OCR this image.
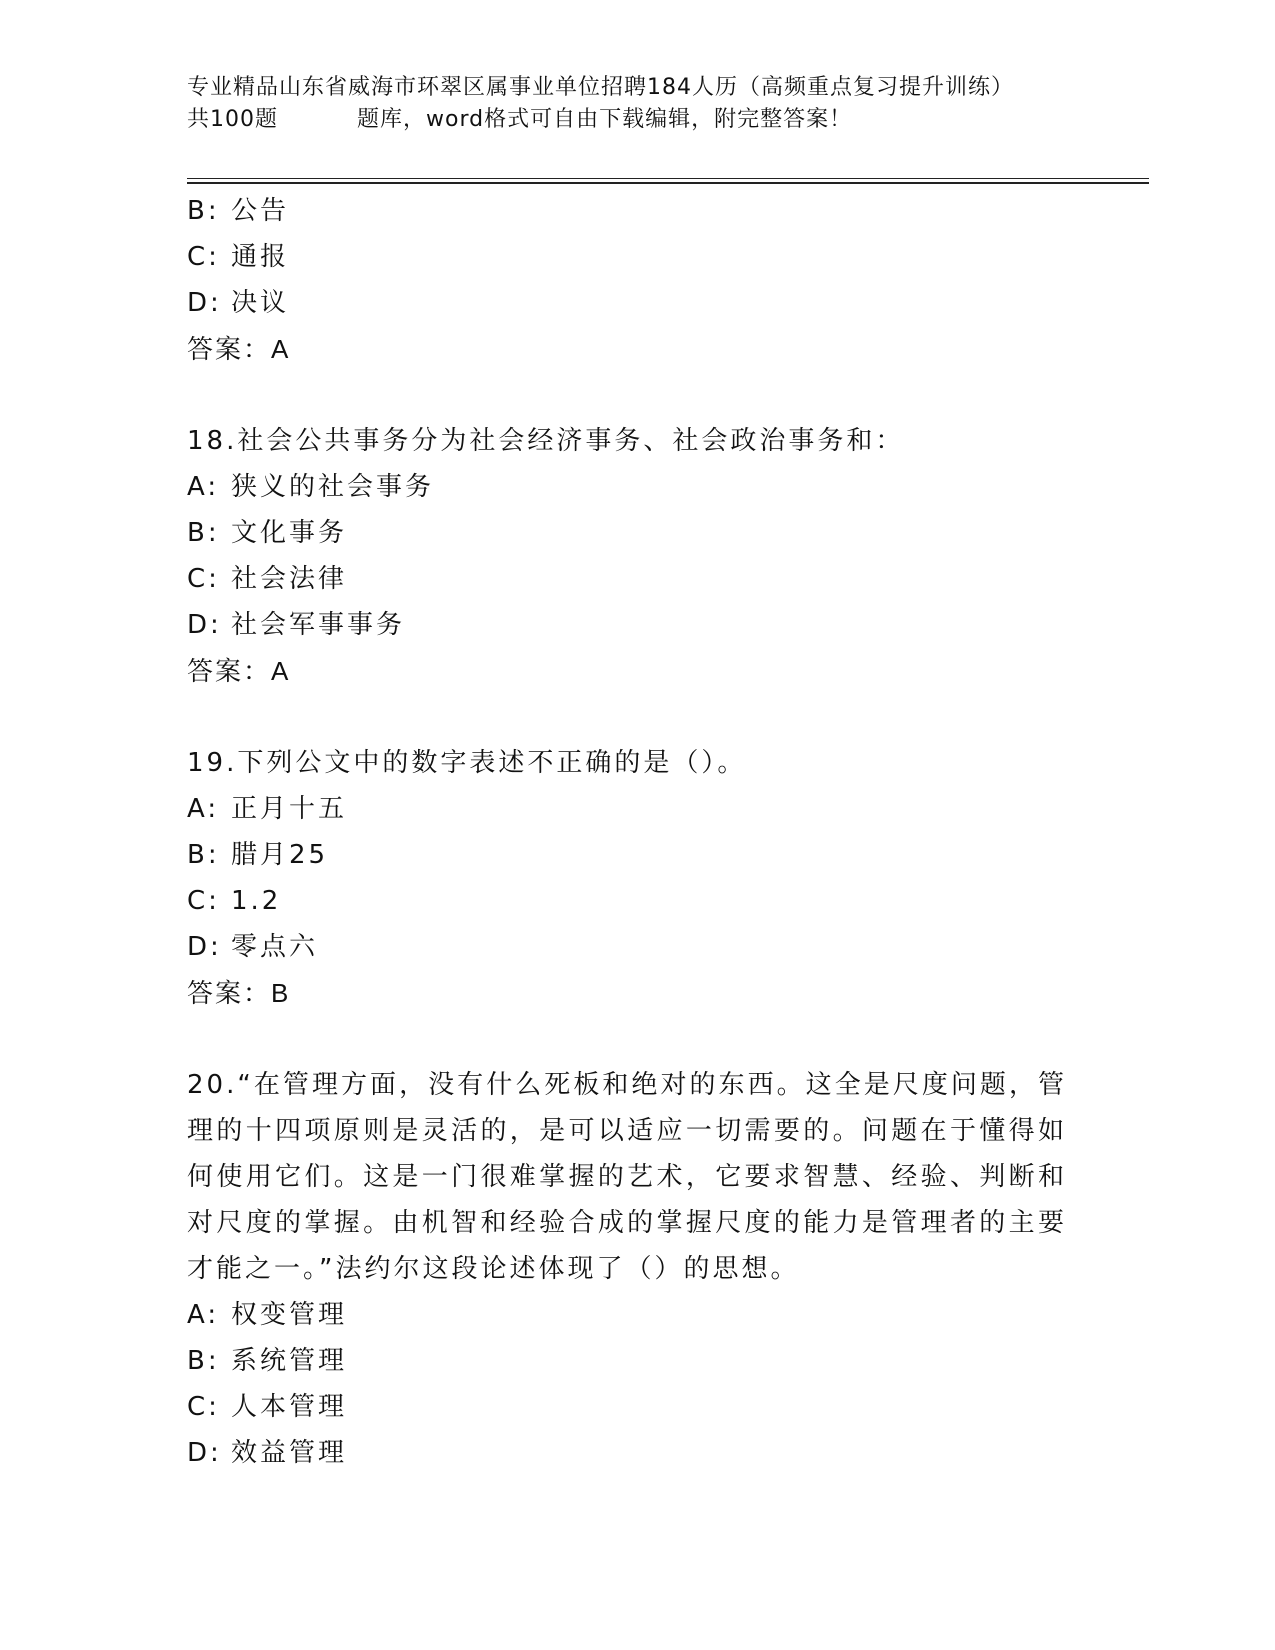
专业精品山东省威海市环翠区属事业单位招聘184人历（高频重点复习提升训练）
共100题	题库，word格式可自由下载编辑，附完整答案！

B: 公告

C: 通报

D: 决议

答案：A

18.社会公共事务分为社会经济事务、社会政治事务和：

A: 狭义的社会事务

B: 文化事务

C: 社会法律

D: 社会军事事务

答案：A

19.下列公文中的数字表述不正确的是（）。

A: 正月十五

B: 腊月25

C: 1.2

D: 零点六

答案：B

20.“在管理方面，没有什么死板和绝对的东西。这全是尺度问题，管理的十四项原则是灵活的，是可以适应一切需要的。问题在于懂得如何使用它们。这是一门很难掌握的艺术，它要求智慧、经验、判断和对尺度的掌握。由机智和经验合成的掌握尺度的能力是管理者的主要才能之一。”法约尔这段论述体现了（）的思想。

A: 权变管理

B: 系统管理

C: 人本管理

D: 效益管理
